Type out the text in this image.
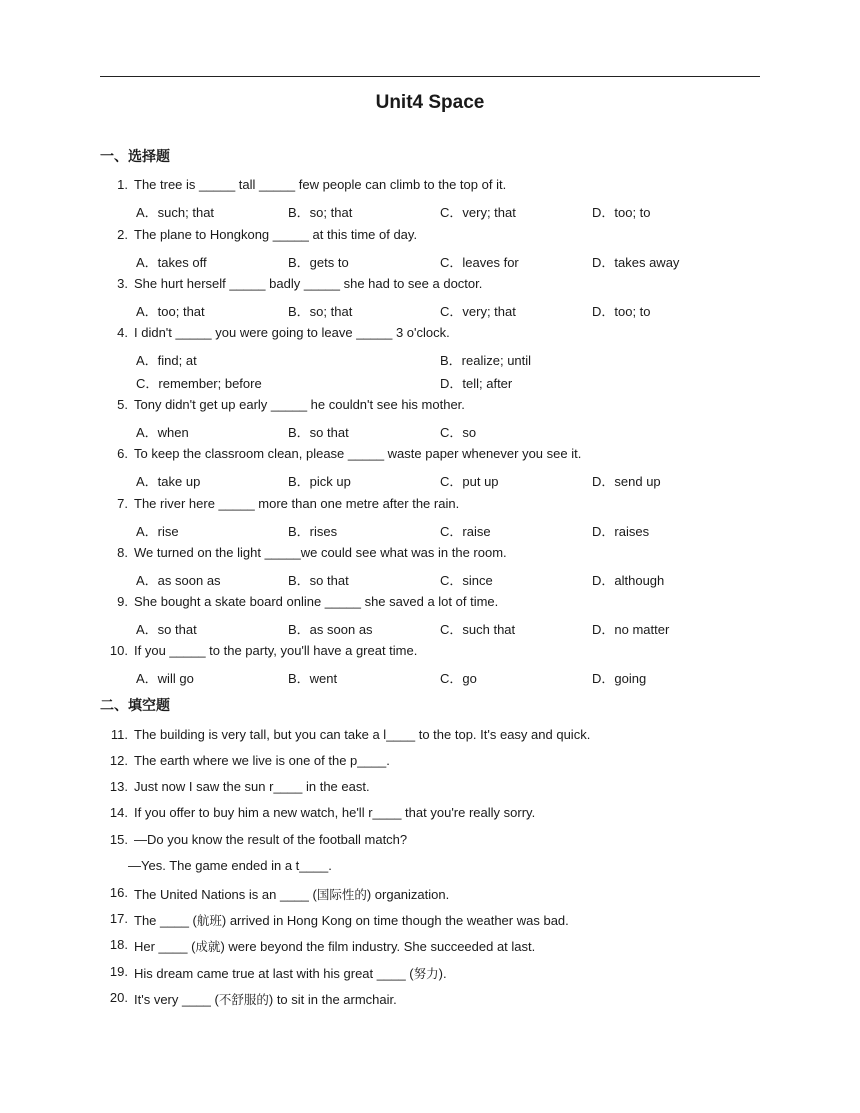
Unit4 Space
一、选择题
1. The tree is _____ tall _____ few people can climb to the top of it.
A．such; that	B．so; that	C．very; that	D．too; to
2. The plane to Hongkong _____ at this time of day.
A．takes off	B．gets to	C．leaves for	D．takes away
3. She hurt herself _____ badly _____ she had to see a doctor.
A．too; that	B．so; that	C．very; that	D．too; to
4. I didn't _____ you were going to leave _____ 3 o'clock.
A．find; at	B．realize; until
C．remember; before	D．tell; after
5. Tony didn't get up early _____ he couldn't see his mother.
A．when	B．so that	C．so
6. To keep the classroom clean, please _____ waste paper whenever you see it.
A．take up	B．pick up	C．put up	D．send up
7. The river here _____ more than one metre after the rain.
A．rise	B．rises	C．raise	D．raises
8. We turned on the light _____we could see what was in the room.
A．as soon as	B．so that	C．since	D．although
9. She bought a skate board online _____ she saved a lot of time.
A．so that	B．as soon as	C．such that	D．no matter
10. If you _____ to the party, you'll have a great time.
A．will go	B．went	C．go	D．going
二、填空题
11. The building is very tall, but you can take a l____ to the top. It's easy and quick.
12. The earth where we live is one of the p____.
13. Just now I saw the sun r____ in the east.
14. If you offer to buy him a new watch, he'll r____ that you're really sorry.
15. —Do you know the result of the football match?
—Yes. The game ended in a t____.
16. The United Nations is an ____ (国际性的) organization.
17. The ____ (航班) arrived in Hong Kong on time though the weather was bad.
18. Her ____ (成就) were beyond the film industry. She succeeded at last.
19. His dream came true at last with his great ____ (努力).
20. It's very ____ (不舒服的) to sit in the armchair.
